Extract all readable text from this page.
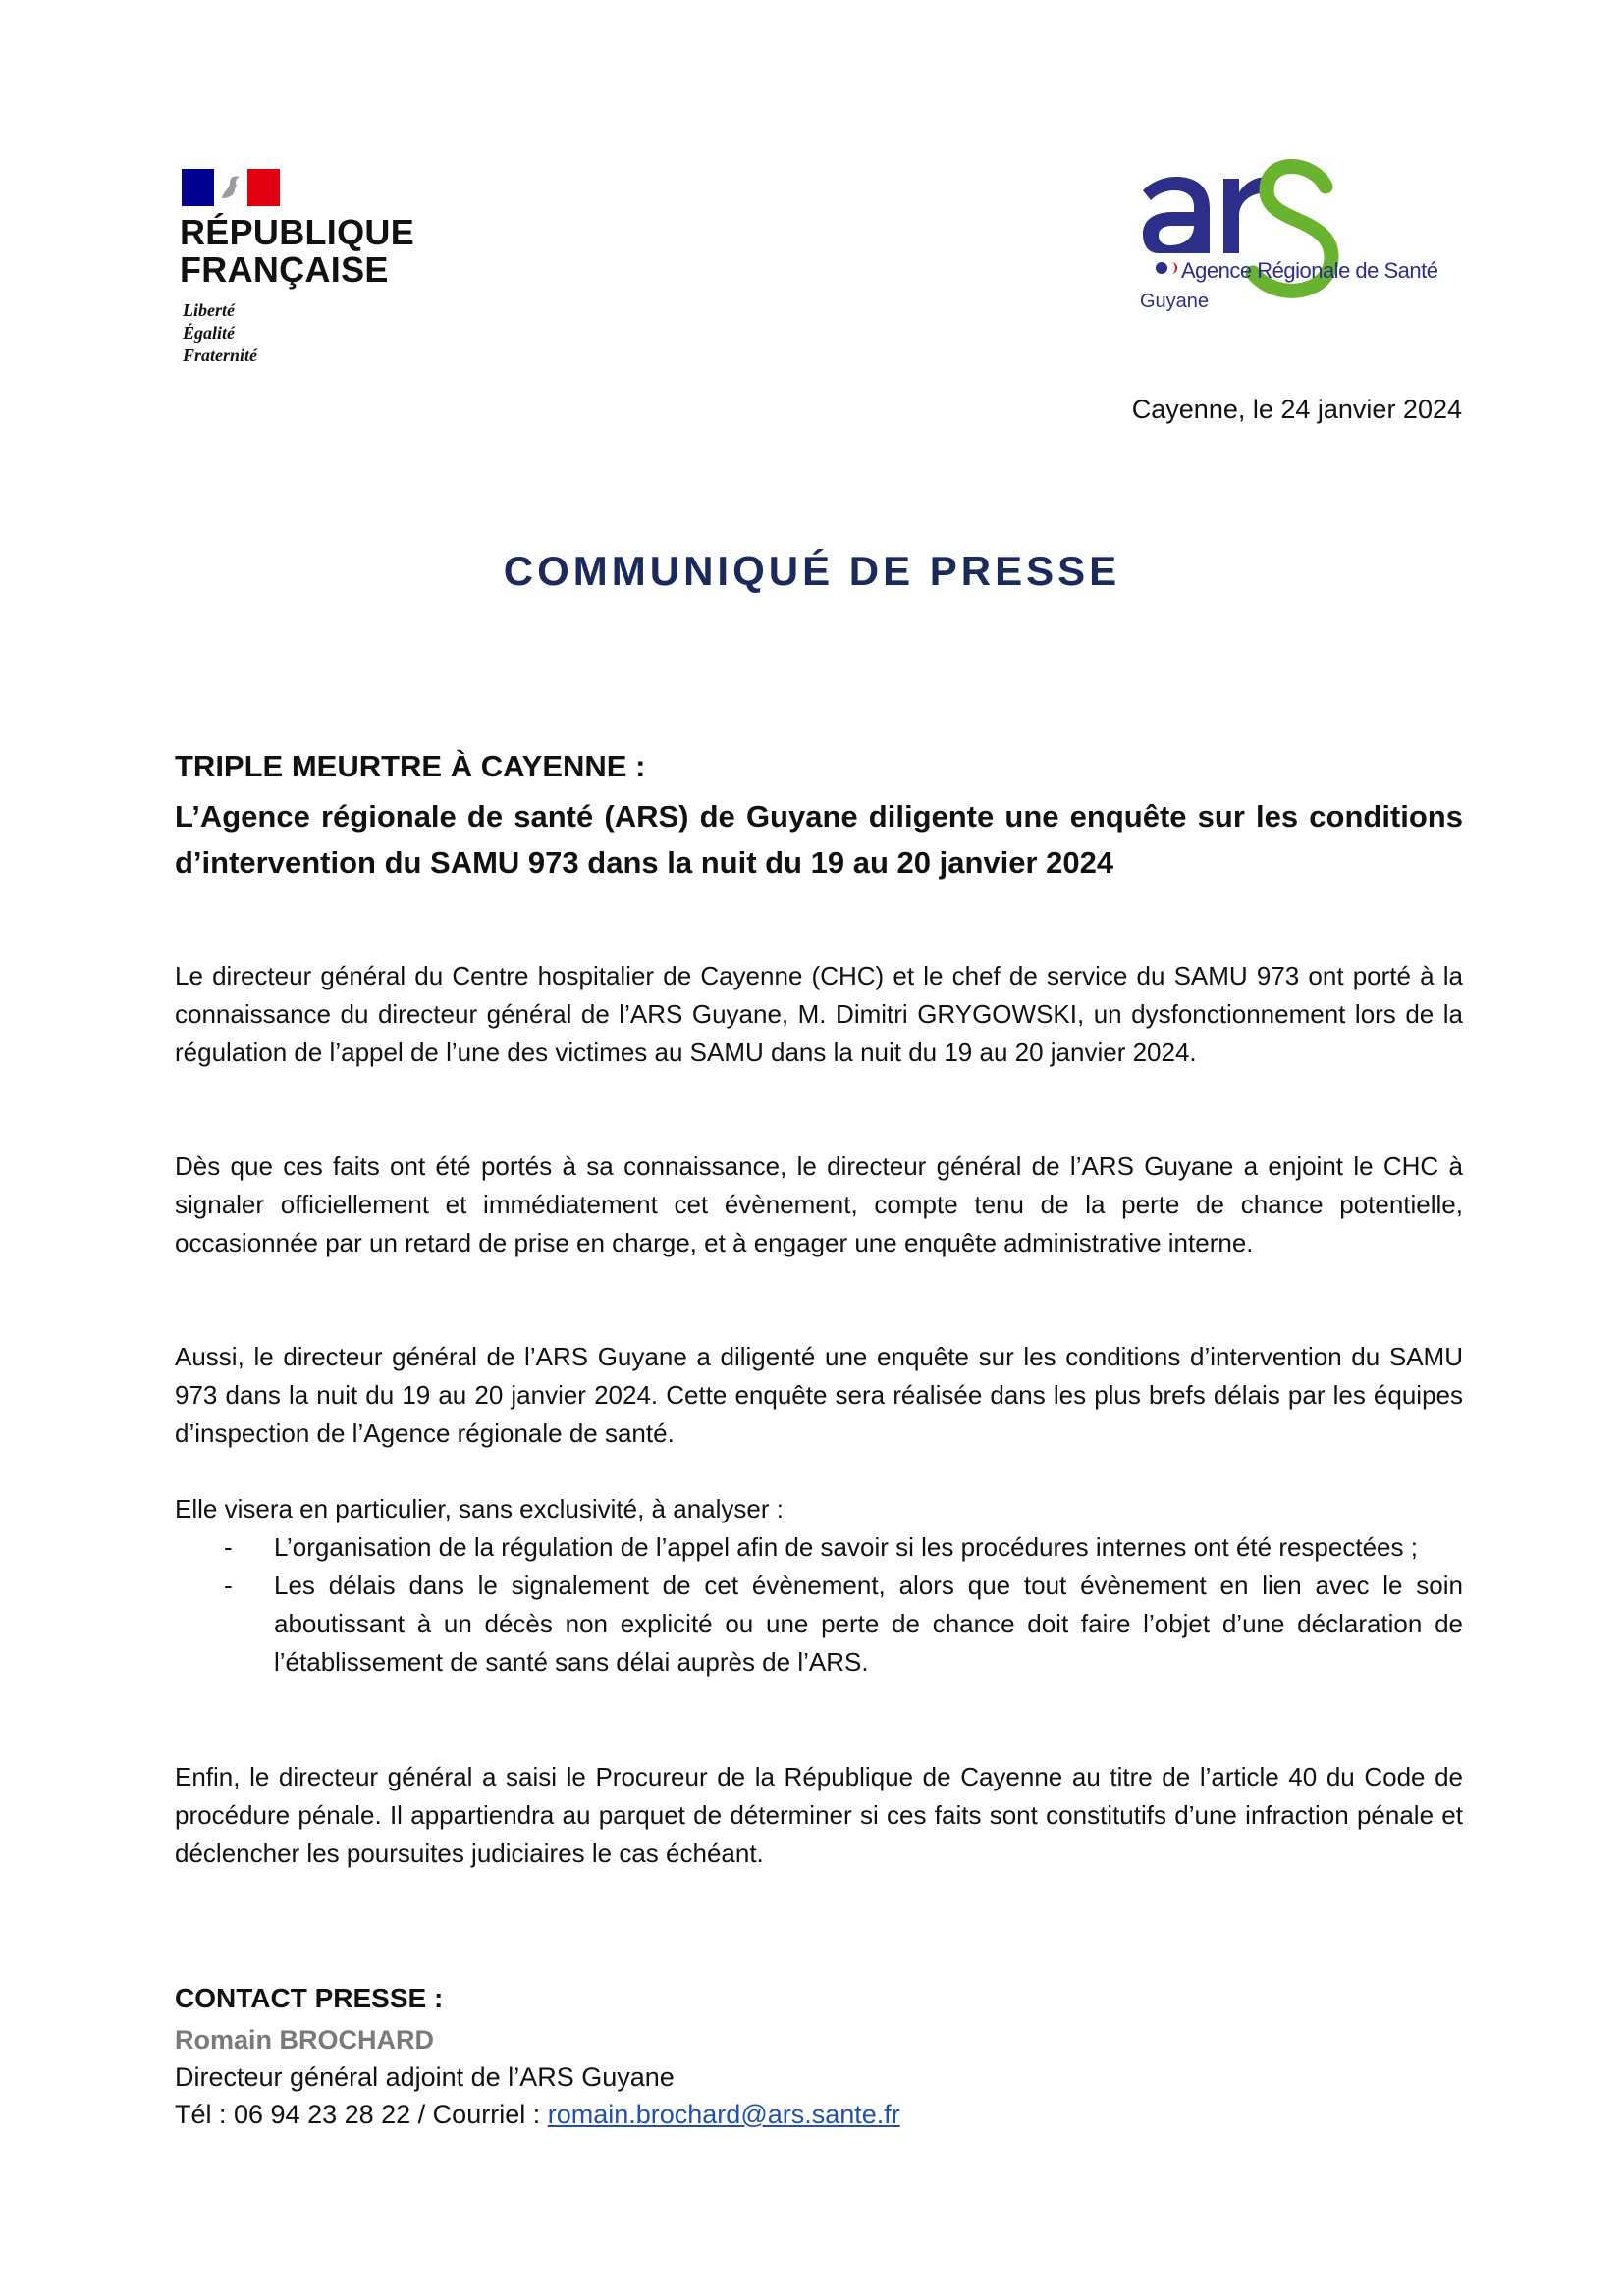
RÉPUBLIQUE
FRANÇAISE
Liberté
Égalité
Fraternité
Agence Régionale de Santé
Guyane
Cayenne, le 24 janvier 2024
COMMUNIQUÉ DE PRESSE
TRIPLE MEURTRE À CAYENNE :
L’Agence régionale de santé (ARS) de Guyane diligente une enquête sur les conditions d’intervention du SAMU 973 dans la nuit du 19 au 20 janvier 2024

Le directeur général du Centre hospitalier de Cayenne (CHC) et le chef de service du SAMU 973 ont porté à la connaissance du directeur général de l’ARS Guyane, M. Dimitri GRYGOWSKI, un dysfonctionnement lors de la régulation de l’appel de l’une des victimes au SAMU dans la nuit du 19 au 20 janvier 2024.

Dès que ces faits ont été portés à sa connaissance, le directeur général de l’ARS Guyane a enjoint le CHC à signaler officiellement et immédiatement cet évènement, compte tenu de la perte de chance potentielle, occasionnée par un retard de prise en charge, et à engager une enquête administrative interne.

Aussi, le directeur général de l’ARS Guyane a diligenté une enquête sur les conditions d’intervention du SAMU 973 dans la nuit du 19 au 20 janvier 2024. Cette enquête sera réalisée dans les plus brefs délais par les équipes d’inspection de l’Agence régionale de santé.

Elle visera en particulier, sans exclusivité, à analyser :

- L’organisation de la régulation de l’appel afin de savoir si les procédures internes ont été respectées ;
- Les délais dans le signalement de cet évènement, alors que tout évènement en lien avec le soin aboutissant à un décès non explicité ou une perte de chance doit faire l’objet d’une déclaration de l’établissement de santé sans délai auprès de l’ARS.

Enfin, le directeur général a saisi le Procureur de la République de Cayenne au titre de l’article 40 du Code de procédure pénale. Il appartiendra au parquet de déterminer si ces faits sont constitutifs d’une infraction pénale et déclencher les poursuites judiciaires le cas échéant.

CONTACT PRESSE :
Romain BROCHARD
Directeur général adjoint de l’ARS Guyane
Tél : 06 94 23 28 22 / Courriel : romain.brochard@ars.sante.fr
